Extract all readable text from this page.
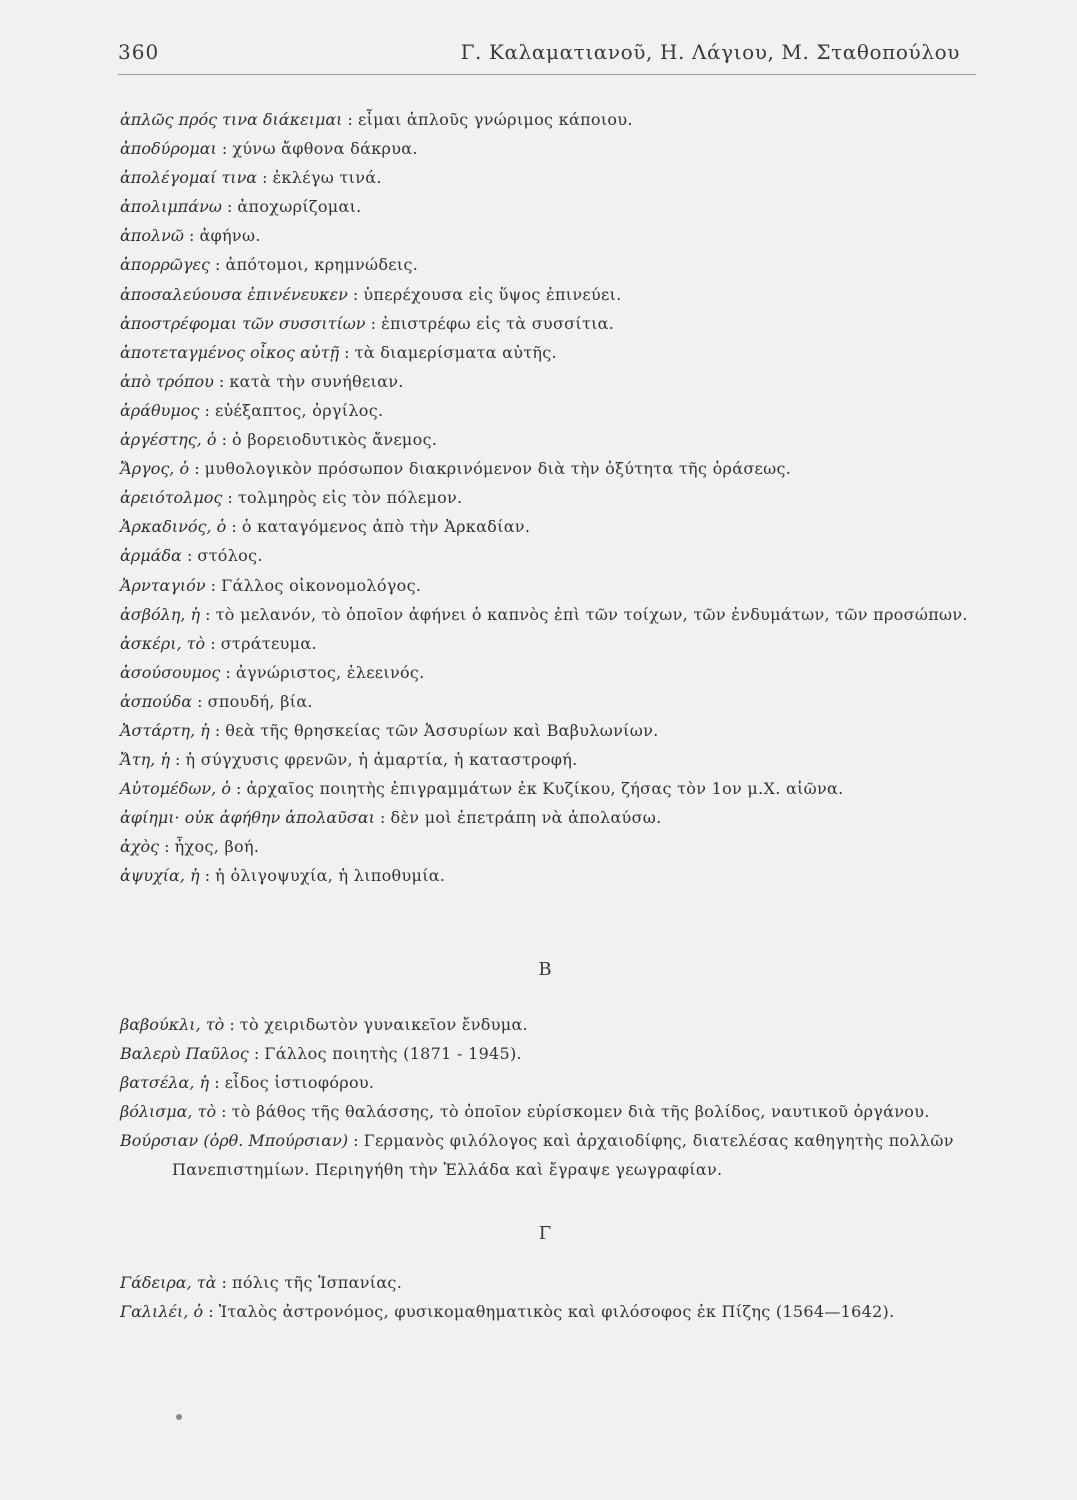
360	Γ. Καλαματιανοῦ, Η. Λάγιου, Μ. Σταθοπούλου
ἁπλῶς πρός τινα διάκειμαι : εἶμαι ἁπλοῦς γνώριμος κάποιου.
ἀποδύρομαι : χύνω ἄφθονα δάκρυα.
ἀπολέγομαί τινα : ἐκλέγω τινά.
ἀπολιμπάνω : ἀποχωρίζομαι.
ἀπολνῶ : ἀφήνω.
ἀπορρῶγες : ἀπότομοι, κρημνώδεις.
ἀποσαλεύουσα ἐπινένευκεν : ὑπερέχουσα εἰς ὕψος ἐπινεύει.
ἀποστρέφομαι τῶν συσσιτίων : ἐπιστρέφω εἰς τὰ συσσίτια.
ἀποτεταγμένος οἶκος αὐτῇ : τὰ διαμερίσματα αὐτῆς.
ἀπὸ τρόπου : κατὰ τὴν συνήθειαν.
ἀράθυμος : εὐέξαπτος, ὀργίλος.
ἀργέστης, ὁ : ὁ βορειοδυτικὸς ἄνεμος.
Ἄργος, ὁ : μυθολογικὸν πρόσωπον διακρινόμενον διὰ τὴν ὀξύτητα τῆς ὁράσεως.
ἀρειότολμος : τολμηρὸς εἰς τὸν πόλεμον.
Ἀρκαδινός, ὁ : ὁ καταγόμενος ἀπὸ τὴν Ἀρκαδίαν.
ἀρμάδα : στόλος.
Ἀρνταγιόν : Γάλλος οἰκονομολόγος.
ἀσβόλη, ἡ : τὸ μελανόν, τὸ ὁποῖον ἀφήνει ὁ καπνὸς ἐπὶ τῶν τοίχων, τῶν ἐνδυμάτων, τῶν προσώπων.
ἀσκέρι, τὸ : στράτευμα.
ἀσούσουμος : ἀγνώριστος, ἐλεεινός.
ἀσπούδα : σπουδή, βία.
Ἀστάρτη, ἡ : θεὰ τῆς θρησκείας τῶν Ἀσσυρίων καὶ Βαβυλωνίων.
Ἄτη, ἡ : ἡ σύγχυσις φρενῶν, ἡ ἁμαρτία, ἡ καταστροφή.
Αὐτομέδων, ὁ : ἀρχαῖος ποιητὴς ἐπιγραμμάτων ἐκ Κυζίκου, ζήσας τὸν 1ον μ.Χ. αἰῶνα.
ἀφίημι· οὐκ ἀφήθην ἀπολαῦσαι : δὲν μοὶ ἐπετράπη νὰ ἀπολαύσω.
ἀχὸς : ἦχος, βοή.
ἀψυχία, ἡ : ἡ ὀλιγοψυχία, ἡ λιποθυμία.
Β
βαβούκλι, τὸ : τὸ χειριδωτὸν γυναικεῖον ἔνδυμα.
Βαλερὺ Παῦλος : Γάλλος ποιητὴς (1871 - 1945).
βατσέλα, ἡ : εἶδος ἱστιοφόρου.
βόλισμα, τὸ : τὸ βάθος τῆς θαλάσσης, τὸ ὁποῖον εὑρίσκομεν διὰ τῆς βολίδος, ναυτικοῦ ὀργάνου.
Βούρσιαν (ὀρθ. Μπούρσιαν) : Γερμανὸς φιλόλογος καὶ ἀρχαιοδίφης, διατελέσας καθηγητὴς πολλῶν Πανεπιστημίων. Περιηγήθη τὴν Ἑλλάδα καὶ ἔγραψε γεωγραφίαν.
Γ
Γάδειρα, τὰ : πόλις τῆς Ἱσπανίας.
Γαλιλέι, ὁ : Ἰταλὸς ἀστρονόμος, φυσικομαθηματικὸς καὶ φιλόσοφος ἐκ Πίζης (1564—1642).
